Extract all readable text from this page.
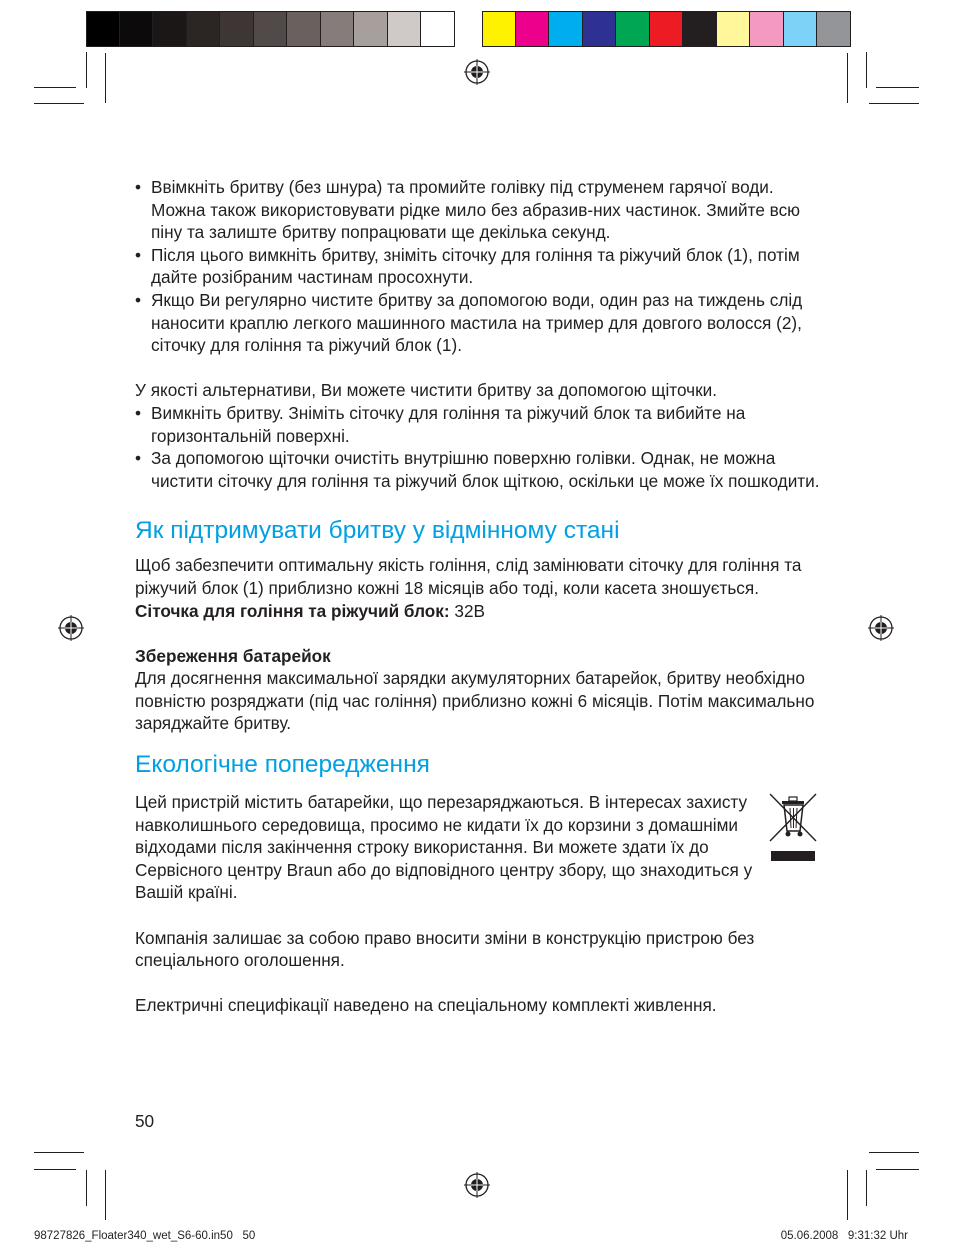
• Ввімкніть бритву (без шнура) та промийте голівку під струменем гарячої води. Можна також використовувати рідке мило без абразив-них частинок. Змийте всю піну та залиште бритву попрацювати ще декілька секунд.

• Після цього вимкніть бритву, зніміть сіточку для гоління та ріжучий блок (1), потім дайте розібраним частинам просохнути.

• Якщо Ви регулярно чистите бритву за допомогою води, один раз на тиждень слід наносити краплю легкого машинного мастила на тример для довгого волосся (2), сіточку для гоління та ріжучий блок (1).

У якості альтернативи, Ви можете чистити бритву за допомогою щіточки.

• Вимкніть бритву. Зніміть сіточку для гоління та ріжучий блок та вибийте на горизонтальній поверхні.

• За допомогою щіточки очистіть внутрішню поверхню голівки. Однак, не можна чистити сіточку для гоління та ріжучий блок щіткою, оскільки це може їх пошкодити.

Як підтримувати бритву у відмінному стані

Щоб забезпечити оптимальну якість гоління, слід замінювати сіточку для гоління та ріжучий блок (1) приблизно кожні 18 місяців або тоді, коли касета зношується.

Сіточка для гоління та ріжучий блок: 32B

Збереження батарейок

Для досягнення максимальної зарядки акумуляторних батарейок, бритву необхідно повністю розряджати (під час гоління) приблизно кожні 6 місяців. Потім максимально заряджайте бритву.

Екологічне попередження

Цей пристрій містить батарейки, що перезаряджаються. В інтересах захисту навколишнього середовища, просимо не кидати їх до корзини з домашніми відходами після закінчення строку використання. Ви можете здати їх до Сервісного центру Braun або до відповідного центру збору, що знаходиться у Вашій країні.

Компанія залишає за собою право вносити зміни в конструкцію пристрою без спеціального оголошення.

Електричні специфікації наведено на спеціальному комплекті живлення.

50
98727826_Floater340_wet_S6-60.in50   50	05.06.2008   9:31:32 Uhr
